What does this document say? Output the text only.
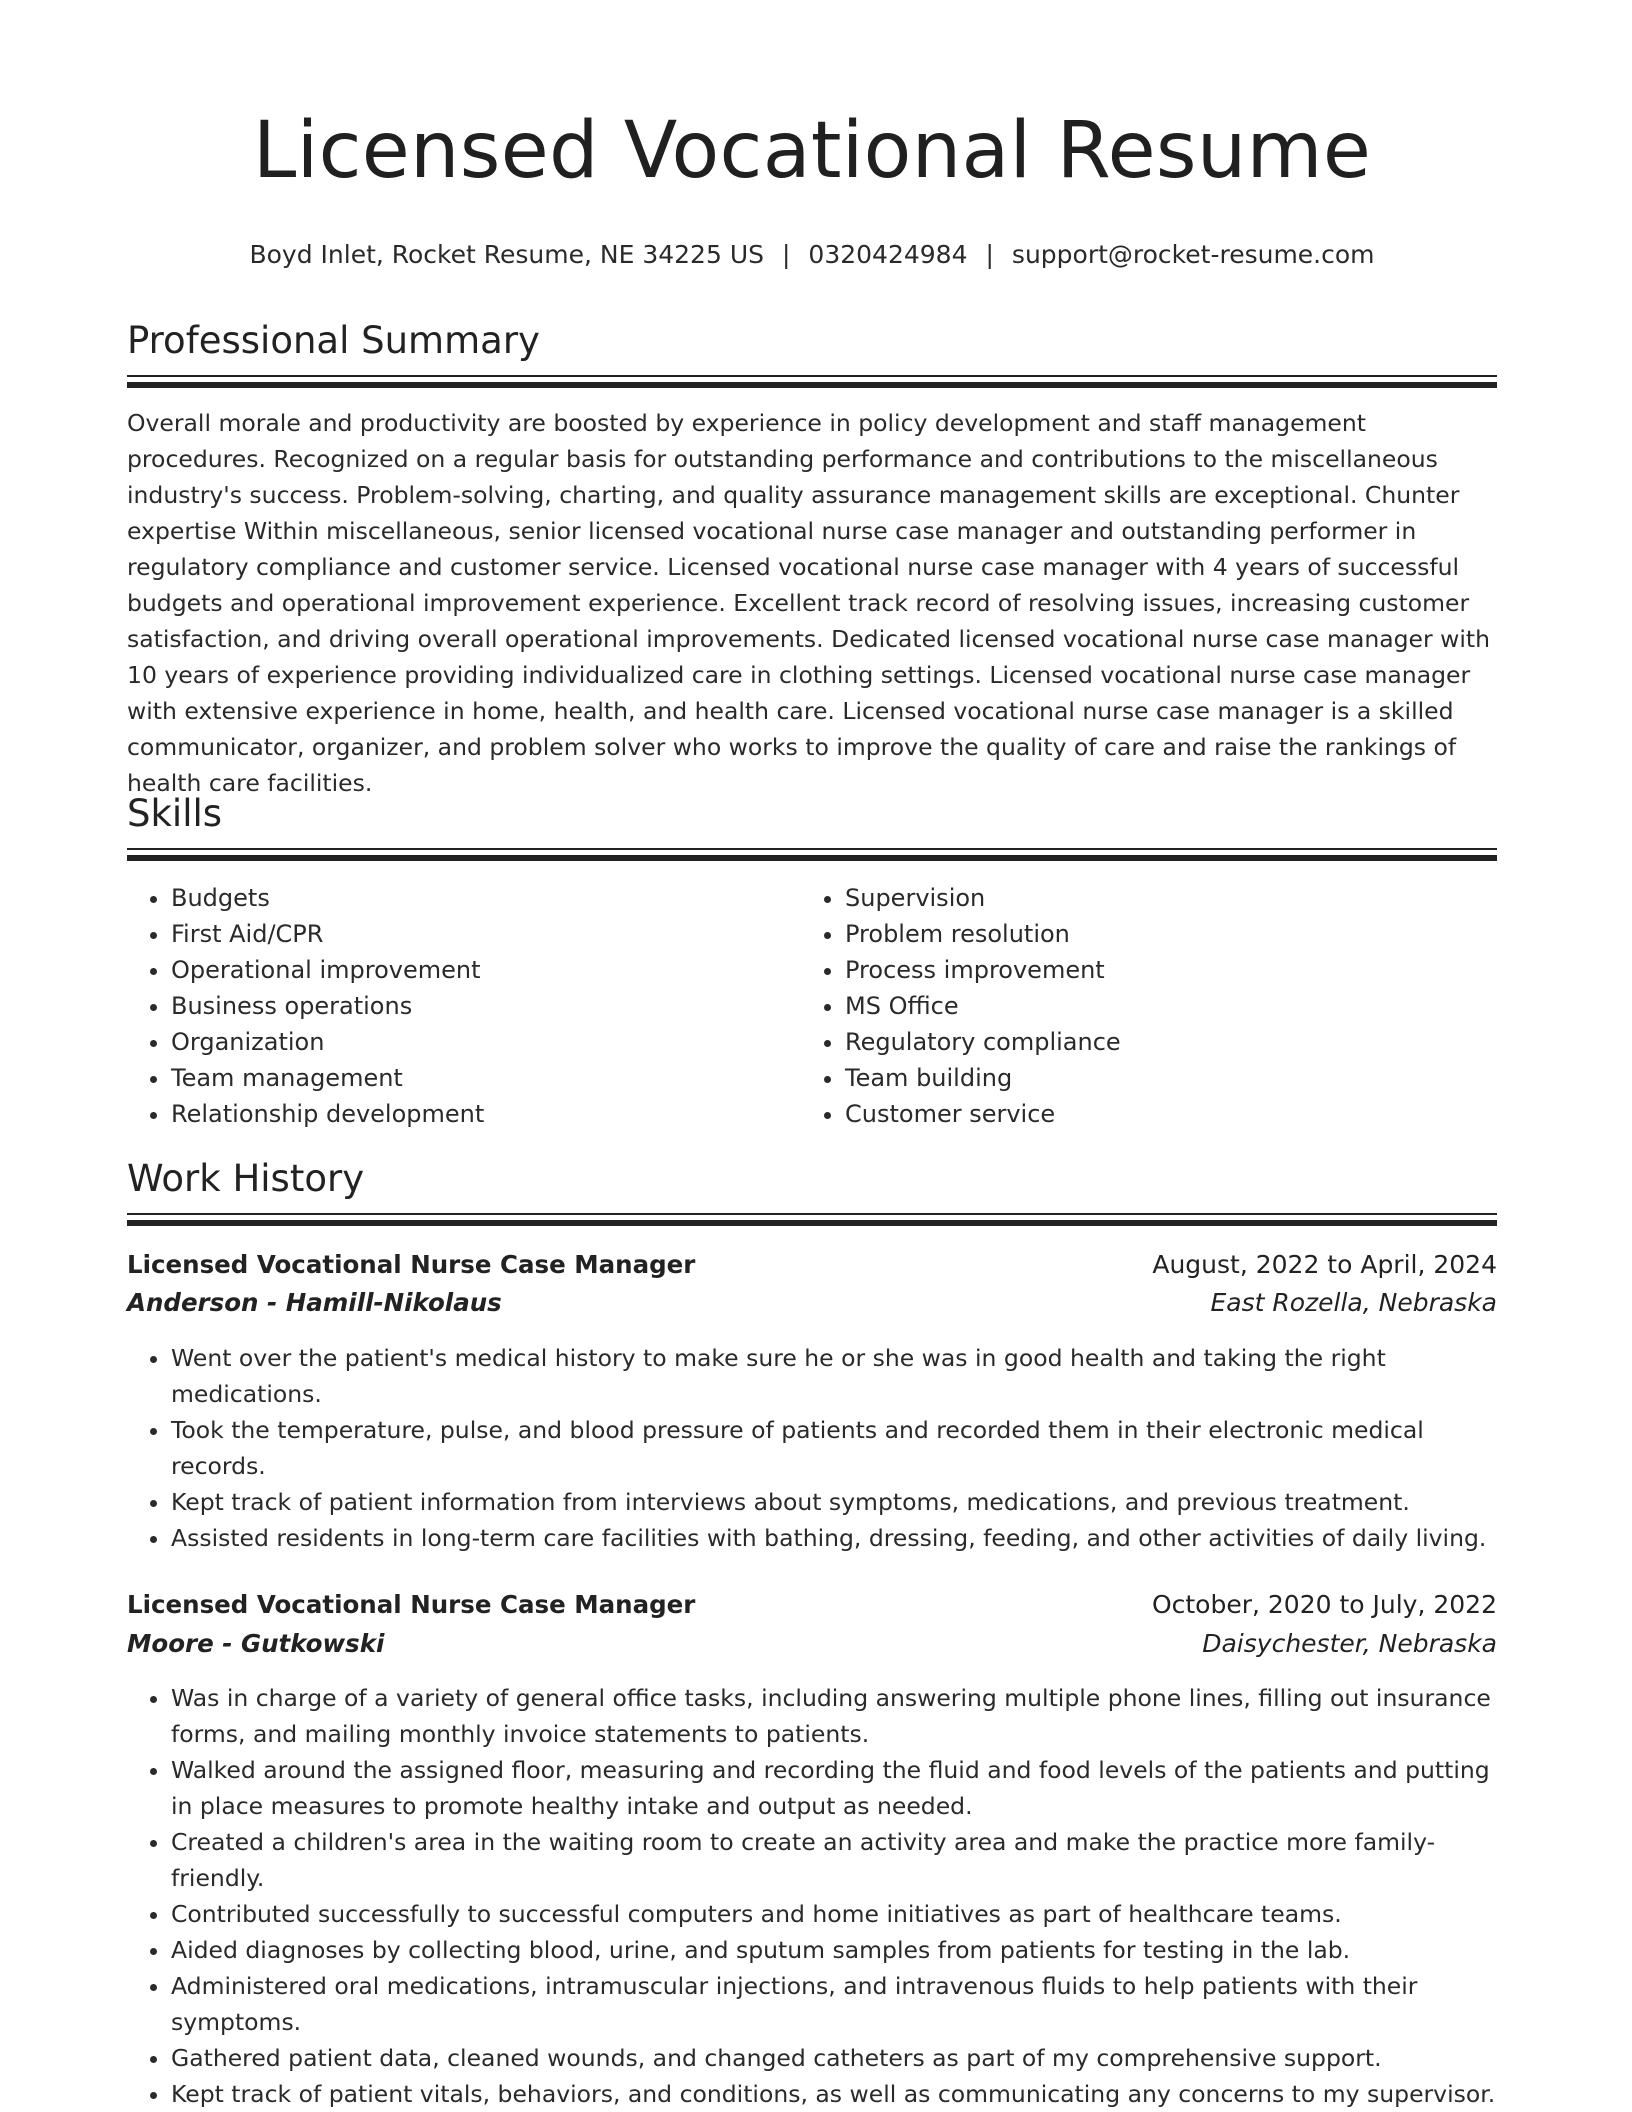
Licensed Vocational Resume
Boyd Inlet, Rocket Resume, NE 34225 US | 0320424984 | support@rocket-resume.com
Professional Summary

Overall morale and productivity are boosted by experience in policy development and staff management procedures. Recognized on a regular basis for outstanding performance and contributions to the miscellaneous industry's success. Problem-solving, charting, and quality assurance management skills are exceptional. Chunter expertise Within miscellaneous, senior licensed vocational nurse case manager and outstanding performer in regulatory compliance and customer service. Licensed vocational nurse case manager with 4 years of successful budgets and operational improvement experience. Excellent track record of resolving issues, increasing customer satisfaction, and driving overall operational improvements. Dedicated licensed vocational nurse case manager with 10 years of experience providing individualized care in clothing settings. Licensed vocational nurse case manager with extensive experience in home, health, and health care. Licensed vocational nurse case manager is a skilled communicator, organizer, and problem solver who works to improve the quality of care and raise the rankings of health care facilities.

Skills
• Budgets
• First Aid/CPR
• Operational improvement
• Business operations
• Organization
• Team management
• Relationship development
• Supervision
• Problem resolution
• Process improvement
• MS Office
• Regulatory compliance
• Team building
• Customer service
Work History
Licensed Vocational Nurse Case Manager	August, 2022 to April, 2024
Anderson - Hamill-Nikolaus	East Rozella, Nebraska
• Went over the patient's medical history to make sure he or she was in good health and taking the right medications.
• Took the temperature, pulse, and blood pressure of patients and recorded them in their electronic medical records.
• Kept track of patient information from interviews about symptoms, medications, and previous treatment.
• Assisted residents in long-term care facilities with bathing, dressing, feeding, and other activities of daily living.
Licensed Vocational Nurse Case Manager	October, 2020 to July, 2022
Moore - Gutkowski	Daisychester, Nebraska
• Was in charge of a variety of general office tasks, including answering multiple phone lines, filling out insurance forms, and mailing monthly invoice statements to patients.
• Walked around the assigned floor, measuring and recording the fluid and food levels of the patients and putting in place measures to promote healthy intake and output as needed.
• Created a children's area in the waiting room to create an activity area and make the practice more family-friendly.
• Contributed successfully to successful computers and home initiatives as part of healthcare teams.
• Aided diagnoses by collecting blood, urine, and sputum samples from patients for testing in the lab.
• Administered oral medications, intramuscular injections, and intravenous fluids to help patients with their symptoms.
• Gathered patient data, cleaned wounds, and changed catheters as part of my comprehensive support.
• Kept track of patient vitals, behaviors, and conditions, as well as communicating any concerns to my supervisor.
